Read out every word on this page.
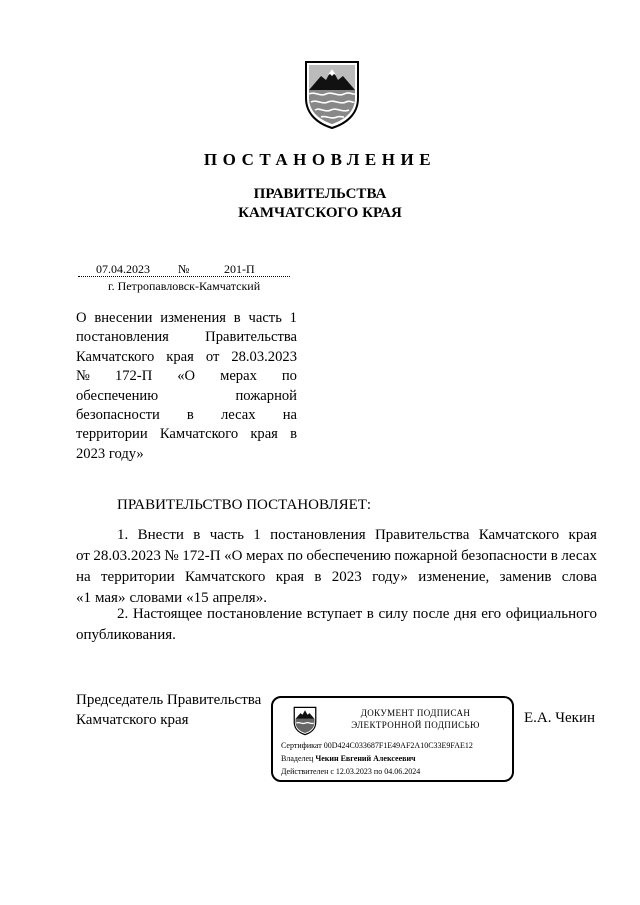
ПОСТАНОВЛЕНИЕ
ПРАВИТЕЛЬСТВА
КАМЧАТСКОГО КРАЯ
07.04.2023 №	201-П
г. Петропавловск-Камчатский
О внесении изменения в часть 1
постановления Правительства
Камчатского края от 28.03.2023
№ 172-П «О мерах по
обеспечению	пожарной
безопасности в лесах на
территории Камчатского края в
2023 году»
ПРАВИТЕЛЬСТВО ПОСТАНОВЛЯЕТ:
1. Внести в часть 1 постановления Правительства Камчатского края
от 28.03.2023 № 172-П «О мерах по обеспечению пожарной безопасности в лесах
на территории Камчатского края в 2023 году» изменение, заменив слова
«1 мая» словами «15 апреля».
2. Настоящее постановление вступает в силу после дня его официального
опубликования.
Председатель Правительства
Камчатского края	Е.А. Чекин
ДОКУМЕНТ ПОДПИСАН
ЭЛЕКТРОННОЙ ПОДПИСЬЮ
Сертификат 00D424C033687F1E49AF2A10C33E9FAE12
Владелец Чекин Евгений Алексеевич
Действителен с 12.03.2023 по 04.06.2024
